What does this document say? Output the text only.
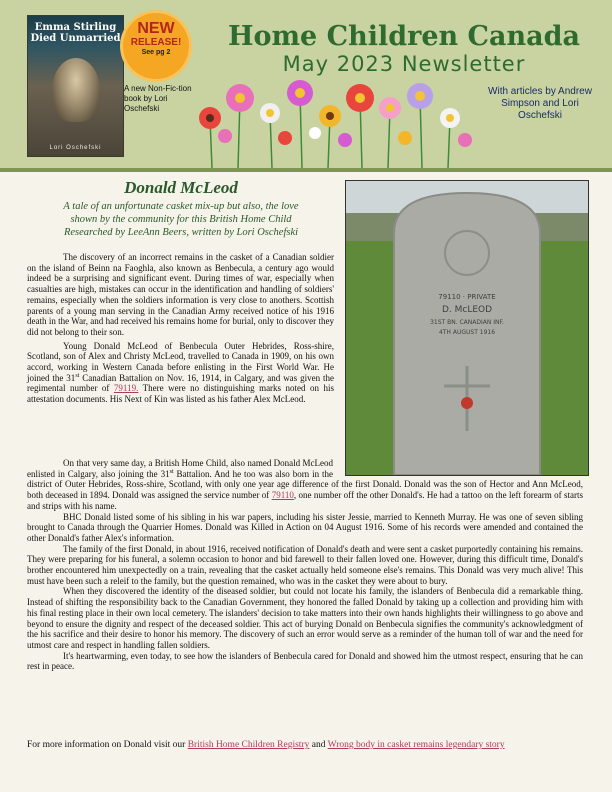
Emma Stirling Died Unmarried
Lori Oschefski
NEW
RELEASE!
See pg 2
A new Non-Fic-tion book by Lori Oschefski
Home Children Canada
May 2023 Newsletter
With articles by Andrew Simpson and Lori Oschefski
Donald McLeod
A tale of an unfortunate casket mix-up but also, the love
shown by the community for this British Home Child
Researched by LeeAnn Beers, written by Lori Oschefski
79110 · PRIVATE
D. McLEOD
31ST BN. CANADIAN INF.
4TH AUGUST 1916

The discovery of an incorrect remains in the casket of a Canadian soldier on the island of Beinn na Faoghla, also known as Benbecula, a century ago would indeed be a surprising and significant event. During times of war, especially when casualties are high, mistakes can occur in the identification and handling of soldiers' remains, especially when the soldiers information is very close to anothers. Scottish parents of a young man serving in the Canadian Army received notice of his 1916 death in the War, and had received his remains home for burial, only to discover they did not belong to their son.

Young Donald McLeod of Benbecula Outer Hebrides, Ross-shire, Scotland, son of Alex and Christy McLeod, travelled to Canada in 1909, on his own accord, working in Western Canada before enlisting in the First World War. He joined the 31st Canadian Battalion on Nov. 16, 1914, in Calgary, and was given the regimental number of 79119. There were no distinguishing marks noted on his attestation documents. His Next of Kin was listed as his father Alex McLeod.

On that very same day, a British Home Child, also named Donald McLeod enlisted in Calgary, also joining the 31st Battalion. And he too was also born in the district of Outer Hebrides, Ross-shire, Scotland, with only one year age difference of the first Donald. Donald was the son of Hector and Ann McLeod, both deceased in 1894. Donald was assigned the service number of 79110, one number off the other Donald's. He had a tattoo on the left forearm of starts and strips with his name.

BHC Donald listed some of his sibling in his war papers, including his sister Jessie, married to Kenneth Murray. He was one of seven sibling brought to Canada through the Quarrier Homes. Donald was Killed in Action on 04 August 1916. Some of his records were amended and contained the other Donald's father Alex's information.

The family of the first Donald, in about 1916, received notification of Donald's death and were sent a casket purportedly containing his remains. They were preparing for his funeral, a solemn occasion to honor and bid farewell to their fallen loved one. However, during this difficult time, Donald's brother encountered him unexpectedly on a train, revealing that the casket actually held someone else's remains. This Donald was very much alive! This must have been such a releif to the family, but the question remained, who was in the casket they were about to bury.

When they discovered the identity of the diseased soldier, but could not locate his family, the islanders of Benbecula did a remarkable thing. Instead of shifting the responsibility back to the Canadian Government, they honored the falled Donald by taking up a collection and providing him with his final resting place in their own local cemetery. The islanders' decision to take matters into their own hands highlights their willingness to go above and beyond to ensure the dignity and respect of the deceased soldier. This act of burying Donald on Benbecula signifies the community's acknowledgment of the his sacrifice and their desire to honor his memory. The discovery of such an error would serve as a reminder of the human toll of war and the need for utmost care and respect in handling fallen soldiers.

It's heartwarming, even today, to see how the islanders of Benbecula cared for Donald and showed him the utmost respect, ensuring that he can rest in peace.

For more information on Donald visit our British Home Children Registry and Wrong body in casket remains legendary story
